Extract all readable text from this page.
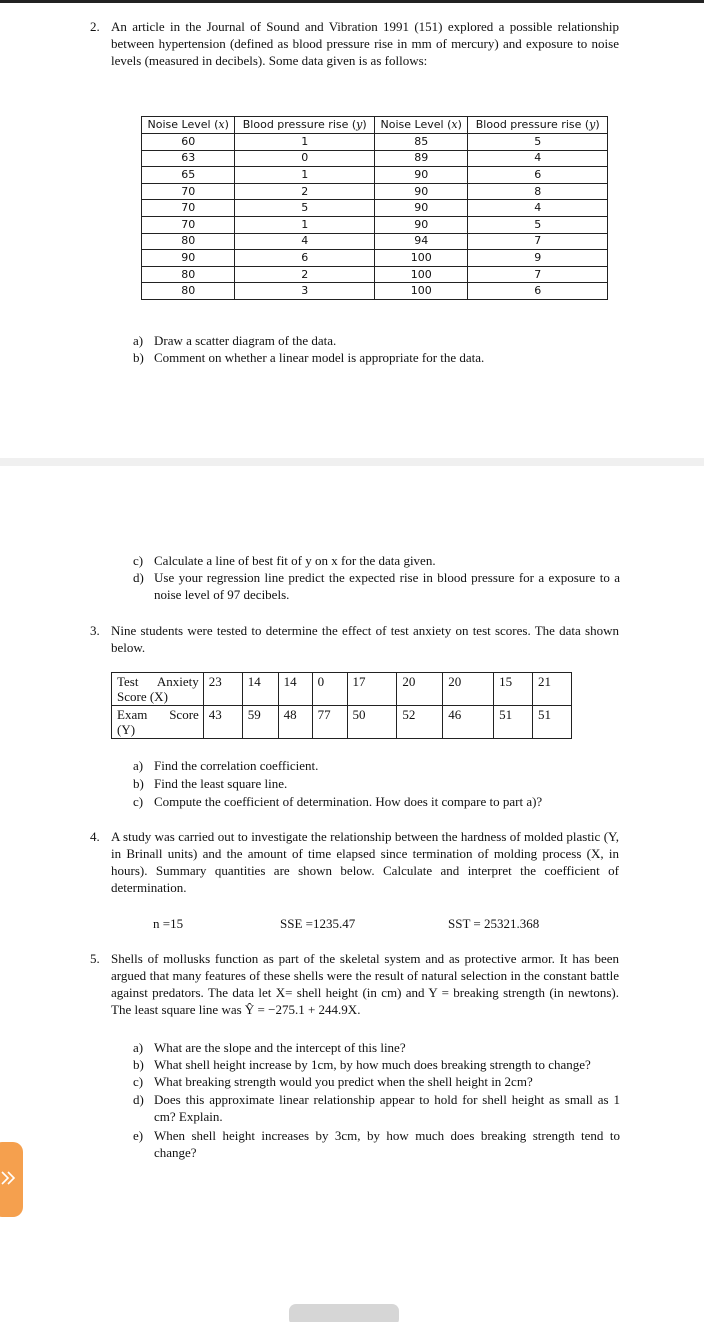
2. An article in the Journal of Sound and Vibration 1991 (151) explored a possible relationship between hypertension (defined as blood pressure rise in mm of mercury) and exposure to noise levels (measured in decibels). Some data given is as follows:
Noise Level (x)	Blood pressure rise (y)	Noise Level (x)	Blood pressure rise (y)
60	1	85	5
63	0	89	4
65	1	90	6
70	2	90	8
70	5	90	4
70	1	90	5
80	4	94	7
90	6	100	9
80	2	100	7
80	3	100	6
a) Draw a scatter diagram of the data.
b) Comment on whether a linear model is appropriate for the data.
c) Calculate a line of best fit of y on x for the data given.
d) Use your regression line predict the expected rise in blood pressure for a exposure to a noise level of 97 decibels.
3. Nine students were tested to determine the effect of test anxiety on test scores. The data shown below.
Test Anxiety Score (X)	23	14	14	0	17	20	20	15	21
Exam Score (Y)	43	59	48	77	50	52	46	51	51
a) Find the correlation coefficient.
b) Find the least square line.
c) Compute the coefficient of determination. How does it compare to part a)?
4. A study was carried out to investigate the relationship between the hardness of molded plastic (Y, in Brinall units) and the amount of time elapsed since termination of molding process (X, in hours). Summary quantities are shown below. Calculate and interpret the coefficient of determination.
n =15	SSE =1235.47	SST = 25321.368
5. Shells of mollusks function as part of the skeletal system and as protective armor. It has been argued that many features of these shells were the result of natural selection in the constant battle against predators. The data let X= shell height (in cm) and Y = breaking strength (in newtons). The least square line was Ŷ = −275.1 + 244.9X.
a) What are the slope and the intercept of this line?
b) What shell height increase by 1cm, by how much does breaking strength to change?
c) What breaking strength would you predict when the shell height in 2cm?
d) Does this approximate linear relationship appear to hold for shell height as small as 1 cm? Explain.
e) When shell height increases by 3cm, by how much does breaking strength tend to change?
